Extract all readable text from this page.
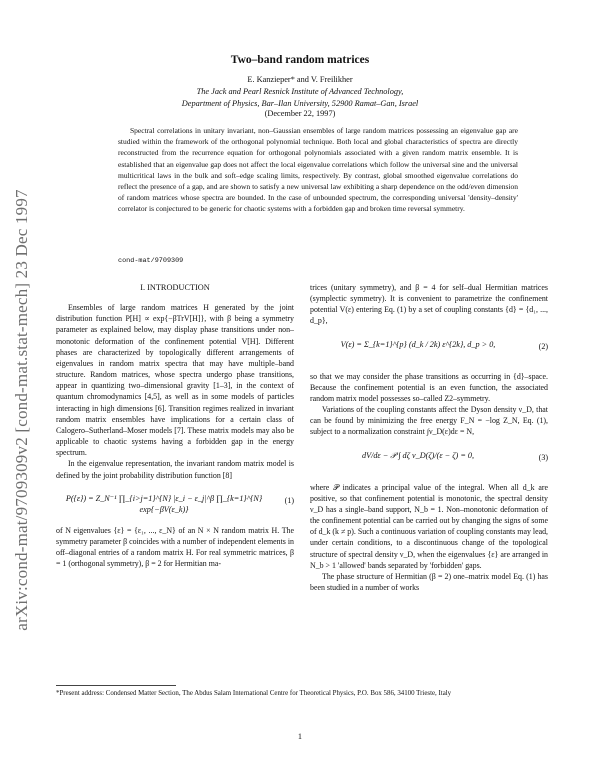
arXiv:cond-mat/9709309v2 [cond-mat.stat-mech] 23 Dec 1997
Two–band random matrices
E. Kanzieper* and V. Freilikher
The Jack and Pearl Resnick Institute of Advanced Technology,
Department of Physics, Bar–Ilan University, 52900 Ramat–Gan, Israel
(December 22, 1997)
Spectral correlations in unitary invariant, non–Gaussian ensembles of large random matrices possessing an eigenvalue gap are studied within the framework of the orthogonal polynomial technique. Both local and global characteristics of spectra are directly reconstructed from the recurrence equation for orthogonal polynomials associated with a given random matrix ensemble. It is established that an eigenvalue gap does not affect the local eigenvalue correlations which follow the universal sine and the universal multicritical laws in the bulk and soft–edge scaling limits, respectively. By contrast, global smoothed eigenvalue correlations do reflect the presence of a gap, and are shown to satisfy a new universal law exhibiting a sharp dependence on the odd/even dimension of random matrices whose spectra are bounded. In the case of unbounded spectrum, the corresponding universal 'density–density' correlator is conjectured to be generic for chaotic systems with a forbidden gap and broken time reversal symmetry.
cond-mat/9709309
I. INTRODUCTION

Ensembles of large random matrices H generated by the joint distribution function P[H] ∝ exp{−βTrV[H]}, with β being a symmetry parameter as explained below, may display phase transitions under non–monotonic deformation of the confinement potential V[H]. Different phases are characterized by topologically different arrangements of eigenvalues in random matrix spectra that may have multiple–band structure. Random matrices, whose spectra undergo phase transitions, appear in quantizing two–dimensional gravity [1–3], in the context of quantum chromodynamics [4,5], as well as in some models of particles interacting in high dimensions [6]. Transition regimes realized in invariant random matrix ensembles have implications for a certain class of Calogero–Sutherland–Moser models [7]. These matrix models may also be applicable to chaotic systems having a forbidden gap in the energy spectrum.

In the eigenvalue representation, the invariant random matrix model is defined by the joint probability distribution function [8]

P({ε}) = Z_N⁻¹ ∏_{i>j=1}^{N} |ε_i − ε_j|^β ∏_{k=1}^{N} exp{−βV(ε_k)}
(1)

of N eigenvalues {ε} = {ε₁, ..., ε_N} of an N × N random matrix H. The symmetry parameter β coincides with a number of independent elements in off–diagonal entries of a random matrix H. For real symmetric matrices, β = 1 (orthogonal symmetry), β = 2 for Hermitian ma-

trices (unitary symmetry), and β = 4 for self–dual Hermitian matrices (symplectic symmetry). It is convenient to parametrize the confinement potential V(ε) entering Eq. (1) by a set of coupling constants {d} = {d₁, ..., d_p},

V(ε) = Σ_{k=1}^{p} (d_k / 2k) ε^{2k}, d_p > 0,	(2)

so that we may consider the phase transitions as occurring in {d}–space. Because the confinement potential is an even function, the associated random matrix model possesses so–called Z2–symmetry.

Variations of the coupling constants affect the Dyson density ν_D, that can be found by minimizing the free energy F_N = −log Z_N, Eq. (1), subject to a normalization constraint ∫ν_D(ε)dε = N,

dV/dε − 𝒫 ∫ dζ ν_D(ζ)/(ε − ζ) = 0,	(3)

where 𝒫 indicates a principal value of the integral. When all d_k are positive, so that confinement potential is monotonic, the spectral density ν_D has a single–band support, N_b = 1. Non–monotonic deformation of the confinement potential can be carried out by changing the signs of some of d_k (k ≠ p). Such a continuous variation of coupling constants may lead, under certain conditions, to a discontinuous change of the topological structure of spectral density ν_D, when the eigenvalues {ε} are arranged in N_b > 1 'allowed' bands separated by 'forbidden' gaps.

The phase structure of Hermitian (β = 2) one–matrix model Eq. (1) has been studied in a number of works

*Present address: Condensed Matter Section, The Abdus Salam International Centre for Theoretical Physics, P.O. Box 586, 34100 Trieste, Italy
1
